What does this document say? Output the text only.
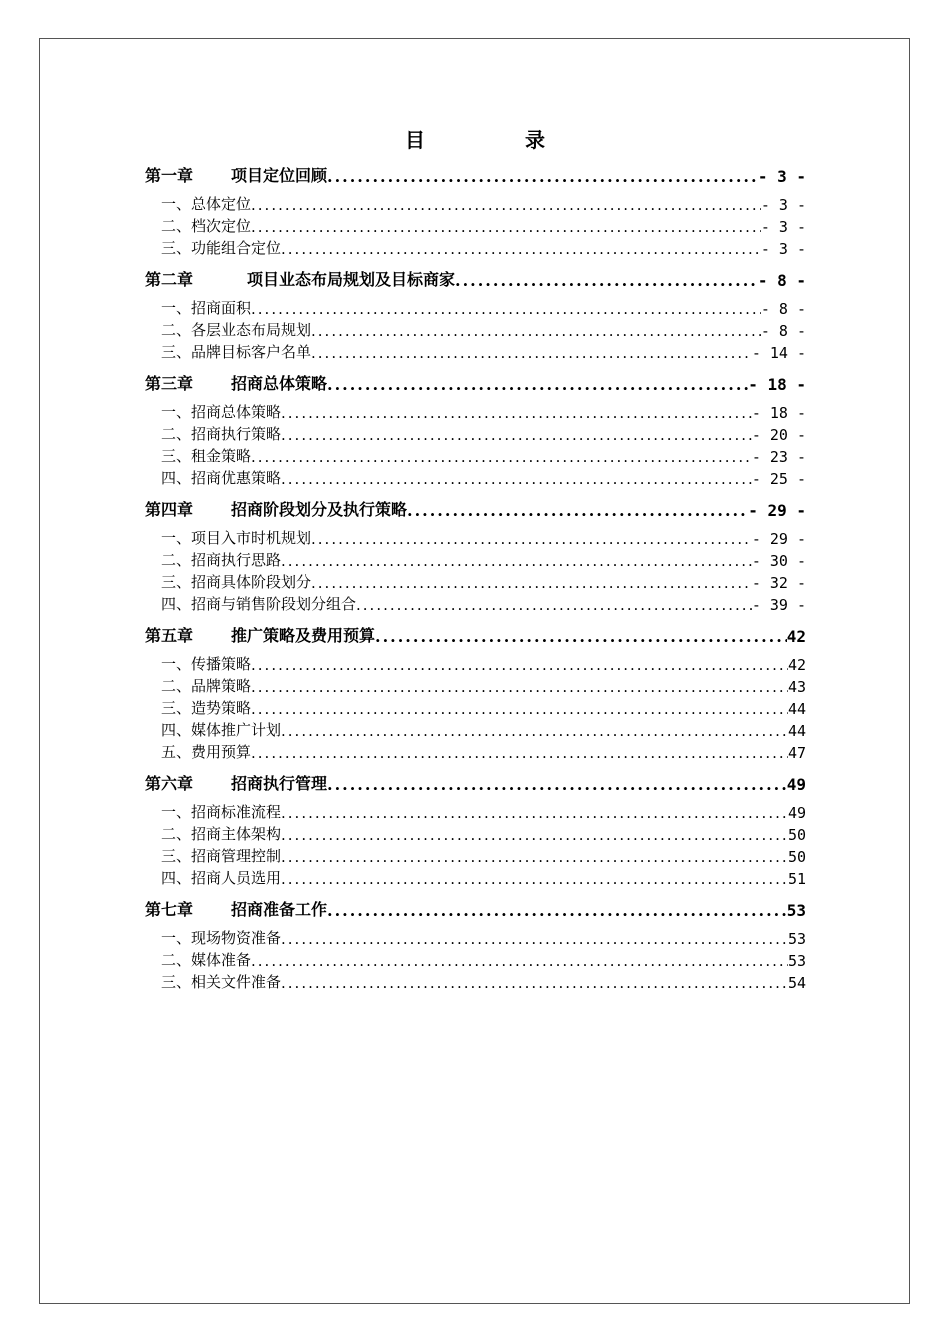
目　录
第一章 项目定位回顾 .....	- 3 -
一、总体定位 .....	- 3 -
二、档次定位 .....	- 3 -
三、功能组合定位 .....	- 3 -
第二章　项目业态布局规划及目标商家 .....	- 8 -
一、招商面积 .....	- 8 -
二、各层业态布局规划 .....	- 8 -
三、品牌目标客户名单 .....	- 14 -
第三章 招商总体策略 .....	- 18 -
一、招商总体策略 .....	- 18 -
二、招商执行策略 .....	- 20 -
三、租金策略 .....	- 23 -
四、招商优惠策略 .....	- 25 -
第四章 招商阶段划分及执行策略 .....	- 29 -
一、项目入市时机规划 .....	- 29 -
二、招商执行思路 .....	- 30 -
三、招商具体阶段划分 .....	- 32 -
四、招商与销售阶段划分组合 .....	- 39 -
第五章 推广策略及费用预算 .....	42
一、传播策略 .....	42
二、品牌策略 .....	43
三、造势策略 .....	44
四、媒体推广计划 .....	44
五、费用预算 .....	47
第六章 招商执行管理 .....	49
一、招商标准流程 .....	49
二、招商主体架构 .....	50
三、招商管理控制 .....	50
四、招商人员选用 .....	51
第七章 招商准备工作 .....	53
一、现场物资准备 .....	53
二、媒体准备 .....	53
三、相关文件准备 .....	54
